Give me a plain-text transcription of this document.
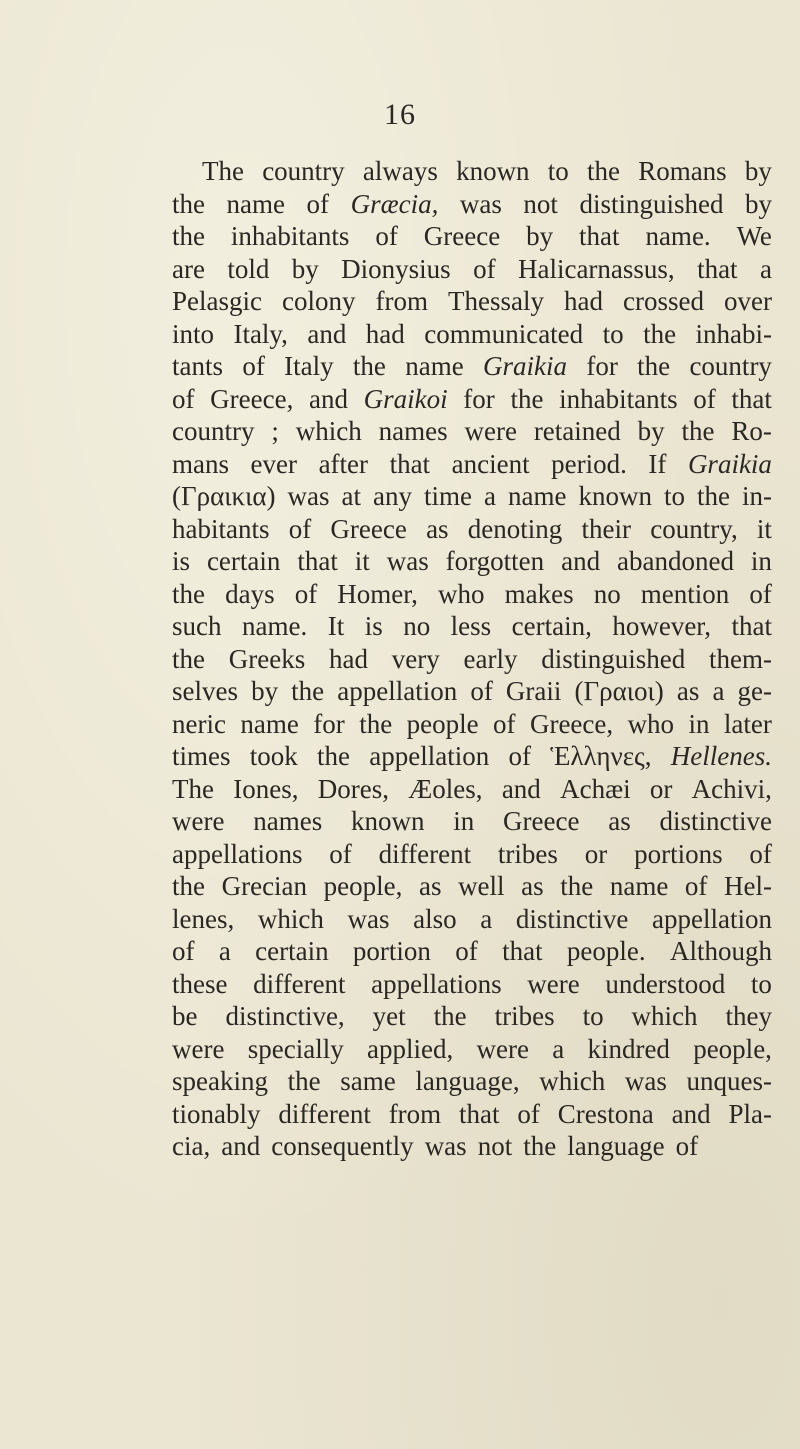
16
The country always known to the Romans by
the name of Græcia, was not distinguished by
the inhabitants of Greece by that name. We
are told by Dionysius of Halicarnassus, that a
Pelasgic colony from Thessaly had crossed over
into Italy, and had communicated to the inhabi-
tants of Italy the name Graikia for the country
of Greece, and Graikoi for the inhabitants of that
country ; which names were retained by the Ro-
mans ever after that ancient period. If Graikia
(Γραικια) was at any time a name known to the in-
habitants of Greece as denoting their country, it
is certain that it was forgotten and abandoned in
the days of Homer, who makes no mention of
such name. It is no less certain, however, that
the Greeks had very early distinguished them-
selves by the appellation of Graii (Γραιοι) as a ge-
neric name for the people of Greece, who in later
times took the appellation of Ἑλληνες, Hellenes.
The Iones, Dores, Æoles, and Achæi or Achivi,
were names known in Greece as distinctive
appellations of different tribes or portions of
the Grecian people, as well as the name of Hel-
lenes, which was also a distinctive appellation
of a certain portion of that people. Although
these different appellations were understood to
be distinctive, yet the tribes to which they
were specially applied, were a kindred people,
speaking the same language, which was unques-
tionably different from that of Crestona and Pla-
cia, and consequently was not the language of
